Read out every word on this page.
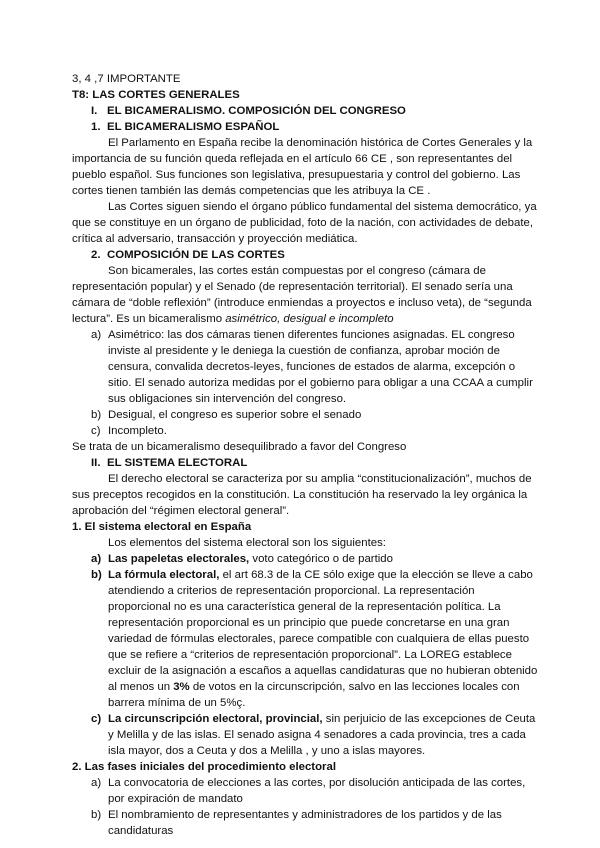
3, 4 ,7 IMPORTANTE
T8: LAS CORTES GENERALES
I. EL BICAMERALISMO. COMPOSICIÓN DEL CONGRESO
1. EL BICAMERALISMO ESPAÑOL
El Parlamento en España recibe la denominación histórica de Cortes Generales y la
importancia de su función queda reflejada en el artículo 66 CE , son representantes del
pueblo español. Sus funciones son legislativa, presupuestaria y control del gobierno. Las
cortes tienen también las demás competencias que les atribuya la CE .
Las Cortes siguen siendo el órgano público fundamental del sistema democrático, ya
que se constituye en un órgano de publicidad, foto de la nación, con actividades de debate,
crítica al adversario, transacción y proyección mediática.
2. COMPOSICIÓN DE LAS CORTES
Son bicamerales, las cortes están compuestas por el congreso (cámara de
representación popular) y el Senado (de representación territorial). El senado sería una
cámara de “doble reflexión” (introduce enmiendas a proyectos e incluso veta), de “segunda
lectura”. Es un bicameralismo asimétrico, desigual e incompleto
a) Asimétrico: las dos cámaras tienen diferentes funciones asignadas. EL congreso
inviste al presidente y le deniega la cuestión de confianza, aprobar moción de
censura, convalida decretos-leyes, funciones de estados de alarma, excepción o
sitio. El senado autoriza medidas por el gobierno para obligar a una CCAA a cumplir
sus obligaciones sin intervención del congreso.
b) Desigual, el congreso es superior sobre el senado
c) Incompleto.
Se trata de un bicameralismo desequilibrado a favor del Congreso
II. EL SISTEMA ELECTORAL
El derecho electoral se caracteriza por su amplia “constitucionalización”, muchos de
sus preceptos recogidos en la constitución. La constitución ha reservado la ley orgánica la
aprobación del “régimen electoral general”.
1. El sistema electoral en España
Los elementos del sistema electoral son los siguientes:
a) Las papeletas electorales, voto categórico o de partido
b) La fórmula electoral, el art 68.3 de la CE sólo exige que la elección se lleve a cabo
atendiendo a criterios de representación proporcional. La representación
proporcional no es una característica general de la representación política. La
representación proporcional es un principio que puede concretarse en una gran
variedad de fórmulas electorales, parece compatible con cualquiera de ellas puesto
que se refiere a “criterios de representación proporcional”. La LOREG establece
excluir de la asignación a escaños a aquellas candidaturas que no hubieran obtenido
al menos un 3% de votos en la circunscripción, salvo en las lecciones locales con
barrera mínima de un 5%ç.
c) La circunscripción electoral, provincial, sin perjuicio de las excepciones de Ceuta
y Melilla y de las islas. El senado asigna 4 senadores a cada provincia, tres a cada
isla mayor, dos a Ceuta y dos a Melilla , y uno a islas mayores.
2. Las fases iniciales del procedimiento electoral
a) La convocatoria de elecciones a las cortes, por disolución anticipada de las cortes,
por expiración de mandato
b) El nombramiento de representantes y administradores de los partidos y de las
candidaturas
